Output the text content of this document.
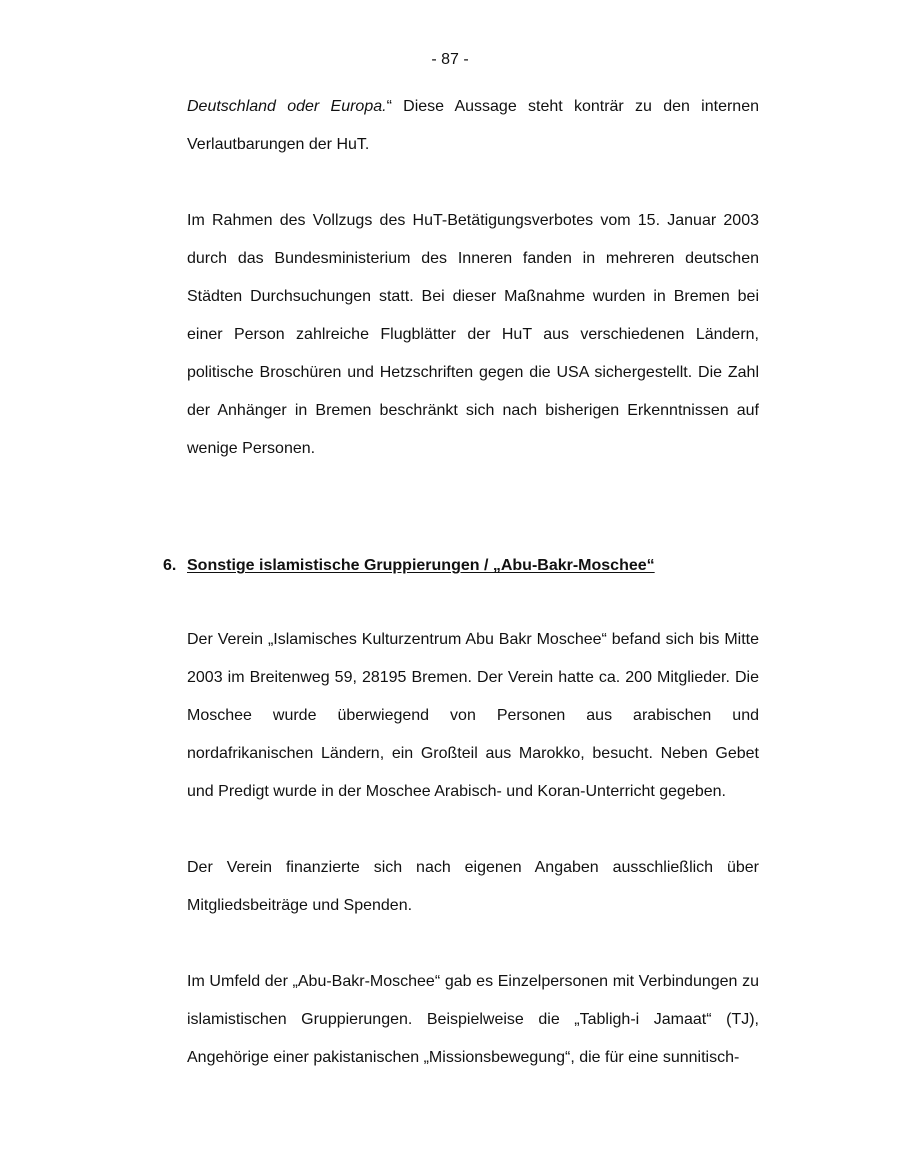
- 87 -

Deutschland oder Europa.“ Diese Aussage steht konträr zu den internen Verlautbarungen der HuT.

Im Rahmen des Vollzugs des HuT-Betätigungsverbotes vom 15. Januar 2003 durch das Bundesministerium des Inneren fanden in mehreren deutschen Städten Durchsuchungen statt. Bei dieser Maßnahme wurden in Bremen bei einer Person zahlreiche Flugblätter der HuT aus verschiedenen Ländern, politische Broschüren und Hetzschriften gegen die USA sichergestellt. Die Zahl der Anhänger in Bremen beschränkt sich nach bisherigen Erkenntnissen auf wenige Personen.

6. Sonstige islamistische Gruppierungen / „Abu-Bakr-Moschee“

Der Verein „Islamisches Kulturzentrum Abu Bakr Moschee“ befand sich bis Mitte 2003 im Breitenweg 59, 28195 Bremen. Der Verein hatte ca. 200 Mitglieder. Die Moschee wurde überwiegend von Personen aus arabischen und nordafrikanischen Ländern, ein Großteil aus Marokko, besucht. Neben Gebet und Predigt wurde in der Moschee Arabisch- und Koran-Unterricht gegeben.

Der Verein finanzierte sich nach eigenen Angaben ausschließlich über Mitgliedsbeiträge und Spenden.

Im Umfeld der „Abu-Bakr-Moschee“ gab es Einzelpersonen mit Verbindungen zu islamistischen Gruppierungen. Beispielweise die „Tabligh-i Jamaat“ (TJ), Angehörige einer pakistanischen „Missionsbewegung“, die für eine sunnitisch-
